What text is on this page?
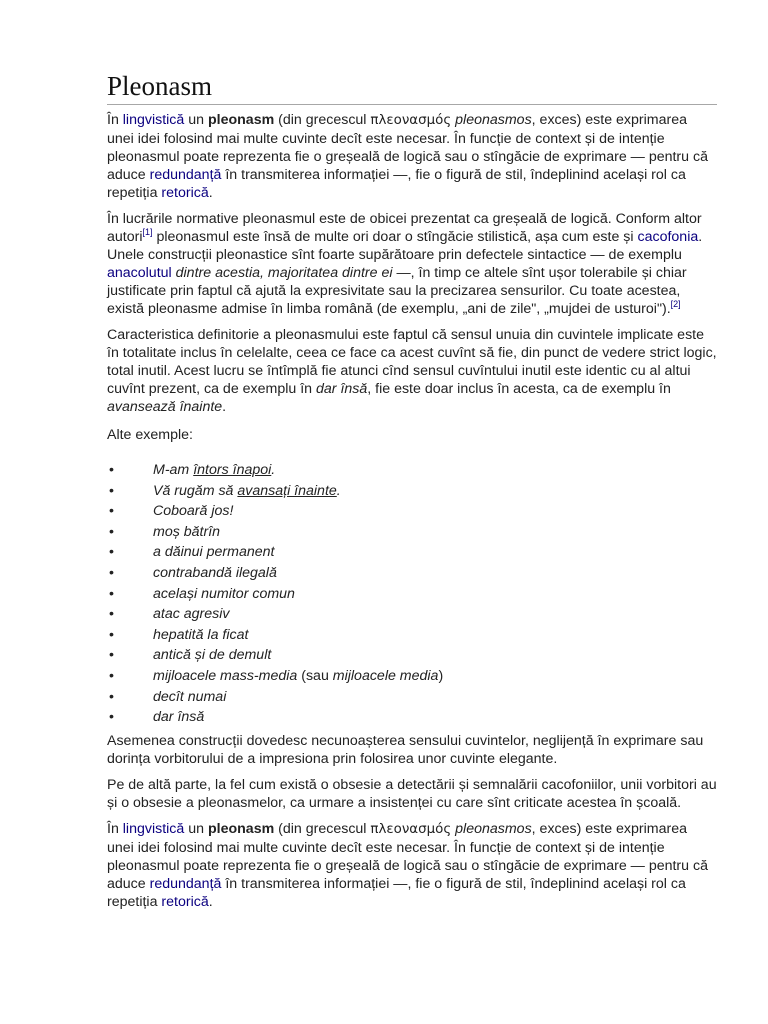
Pleonasm

În lingvistică un pleonasm (din grecescul πλεονασμός pleonasmos, exces) este exprimarea unei idei folosind mai multe cuvinte decît este necesar. În funcție de context și de intenție pleonasmul poate reprezenta fie o greșeală de logică sau o stîngăcie de exprimare — pentru că aduce redundanță în transmiterea informației —, fie o figură de stil, îndeplinind același rol ca repetiția retorică.

În lucrările normative pleonasmul este de obicei prezentat ca greșeală de logică. Conform altor autori[1] pleonasmul este însă de multe ori doar o stîngăcie stilistică, așa cum este și cacofonia. Unele construcții pleonastice sînt foarte supărătoare prin defectele sintactice — de exemplu anacolutul dintre acestia, majoritatea dintre ei —, în timp ce altele sînt ușor tolerabile și chiar justificate prin faptul că ajută la expresivitate sau la precizarea sensurilor. Cu toate acestea, există pleonasme admise în limba română (de exemplu, „ani de zile", „mujdei de usturoi").[2]

Caracteristica definitorie a pleonasmului este faptul că sensul unuia din cuvintele implicate este în totalitate inclus în celelalte, ceea ce face ca acest cuvînt să fie, din punct de vedere strict logic, total inutil. Acest lucru se întîmplă fie atunci cînd sensul cuvîntului inutil este identic cu al altui cuvînt prezent, ca de exemplu în dar însă, fie este doar inclus în acesta, ca de exemplu în avansează înainte.

Alte exemple:

•	M-am întors înapoi.
•	Vă rugăm să avansați înainte.
•	Coboară jos!
•	moș bătrîn
•	a dăinui permanent
•	contrabandă ilegală
•	același numitor comun
•	atac agresiv
•	hepatită la ficat
•	antică și de demult
•	mijloacele mass-media (sau mijloacele media)
•	decît numai
•	dar însă

Asemenea construcții dovedesc necunoașterea sensului cuvintelor, neglijență în exprimare sau dorința vorbitorului de a impresiona prin folosirea unor cuvinte elegante.

Pe de altă parte, la fel cum există o obsesie a detectării și semnalării cacofoniilor, unii vorbitori au și o obsesie a pleonasmelor, ca urmare a insistenței cu care sînt criticate acestea în școală.

În lingvistică un pleonasm (din grecescul πλεονασμός pleonasmos, exces) este exprimarea unei idei folosind mai multe cuvinte decît este necesar. În funcție de context și de intenție pleonasmul poate reprezenta fie o greșeală de logică sau o stîngăcie de exprimare — pentru că aduce redundanță în transmiterea informației —, fie o figură de stil, îndeplinind același rol ca repetiția retorică.
